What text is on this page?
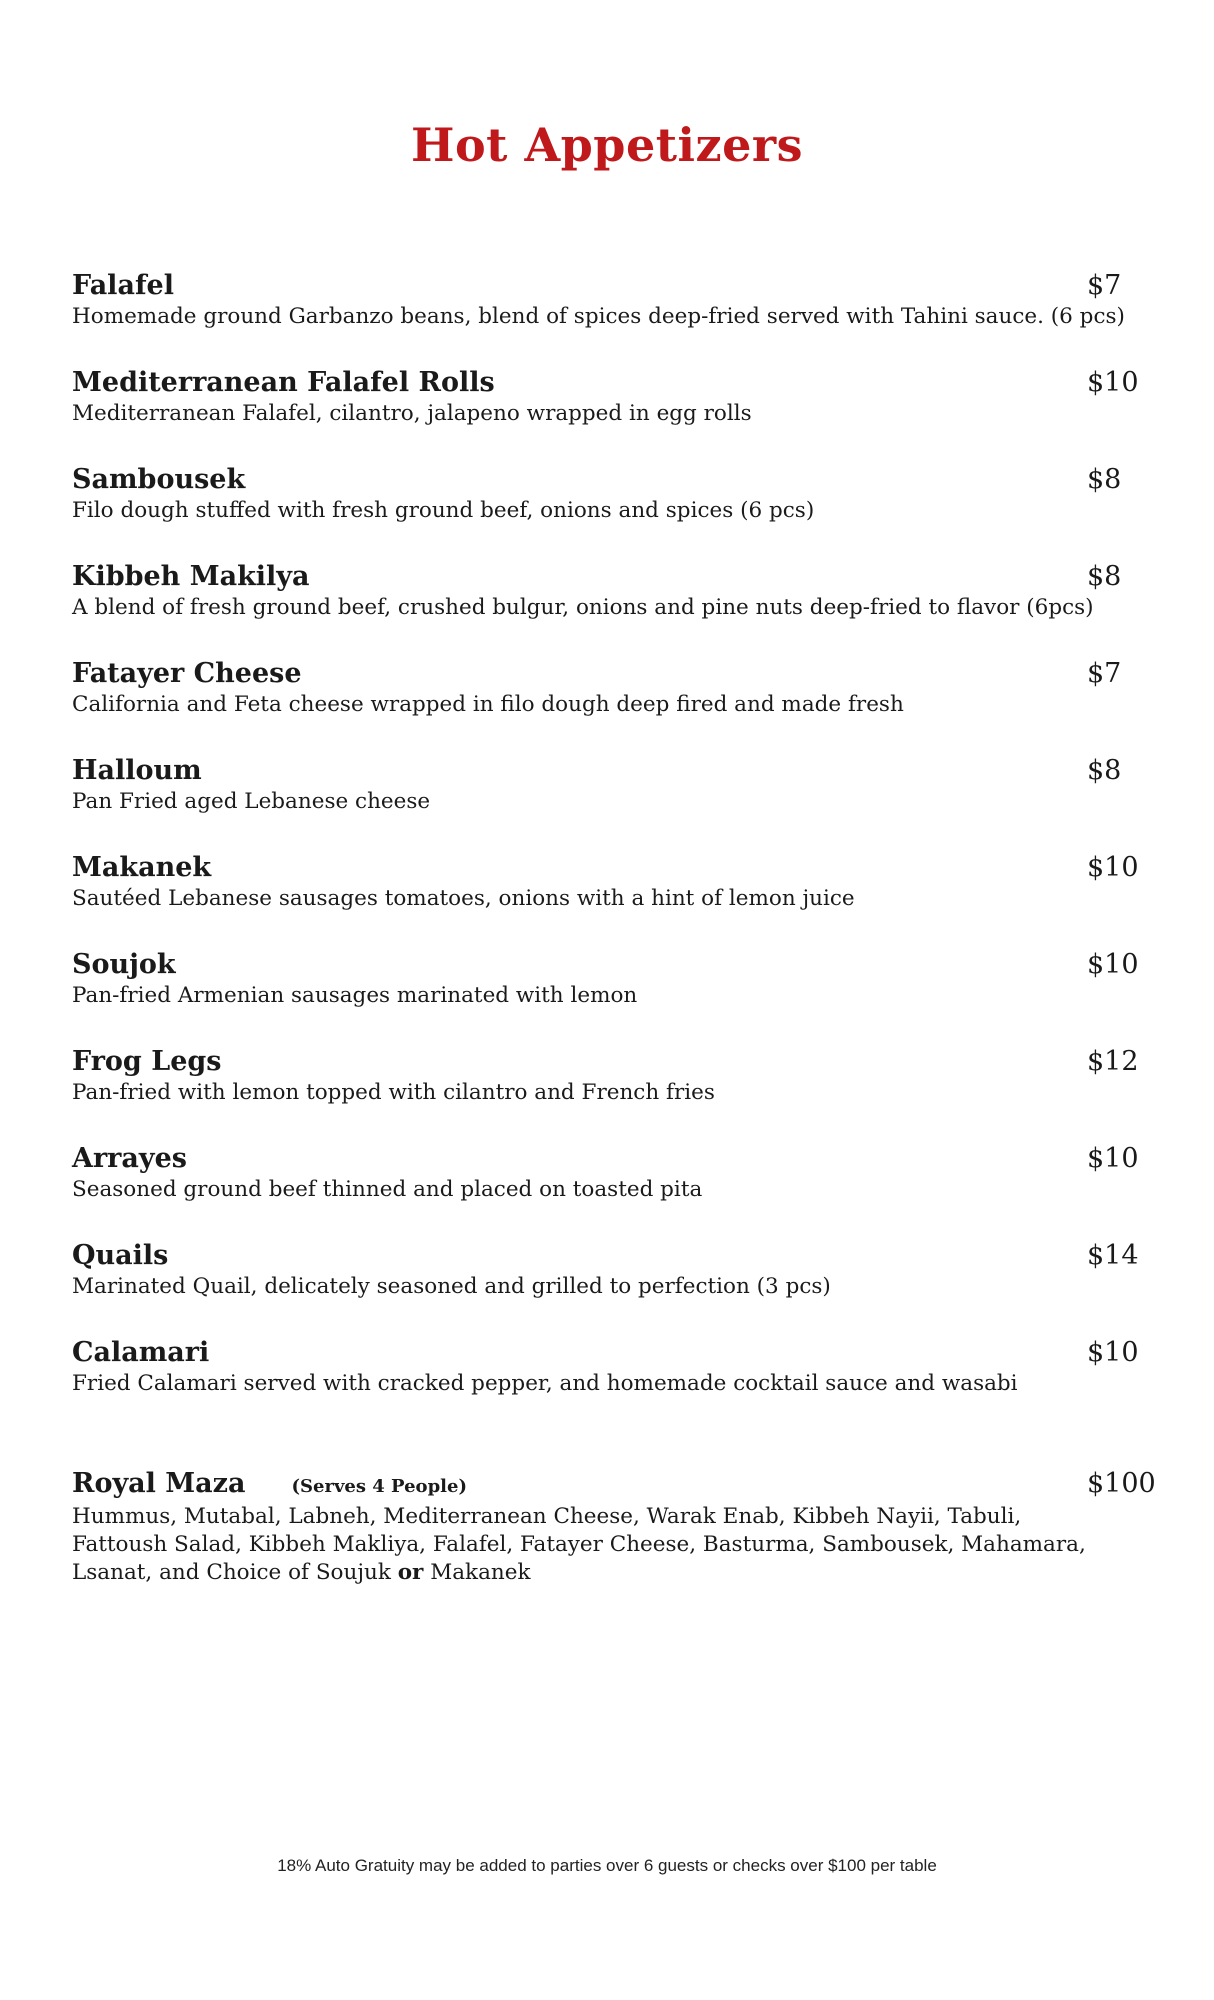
Hot Appetizers
Falafel	$7
Homemade ground Garbanzo beans, blend of spices deep-fried served with Tahini sauce. (6 pcs)
Mediterranean Falafel Rolls	$10
Mediterranean Falafel, cilantro, jalapeno wrapped in egg rolls
Sambousek	$8
Filo dough stuffed with fresh ground beef, onions and spices (6 pcs)
Kibbeh Makilya	$8
A blend of fresh ground beef, crushed bulgur, onions and pine nuts deep-fried to flavor (6pcs)
Fatayer Cheese	$7
California and Feta cheese wrapped in filo dough deep fired and made fresh
Halloum	$8
Pan Fried aged Lebanese cheese
Makanek	$10
Sautéed Lebanese sausages tomatoes, onions with a hint of lemon juice
Soujok	$10
Pan-fried Armenian sausages marinated with lemon
Frog Legs	$12
Pan-fried with lemon topped with cilantro and French fries
Arrayes	$10
Seasoned ground beef thinned and placed on toasted pita
Quails	$14
Marinated Quail, delicately seasoned and grilled to perfection (3 pcs)
Calamari	$10
Fried Calamari served with cracked pepper, and homemade cocktail sauce and wasabi
Royal Maza	(Serves 4 People)	$100
Hummus, Mutabal, Labneh, Mediterranean Cheese, Warak Enab, Kibbeh Nayii, Tabuli,
Fattoush Salad, Kibbeh Makliya, Falafel, Fatayer Cheese, Basturma, Sambousek, Mahamara,
Lsanat, and Choice of Soujuk or Makanek
18% Auto Gratuity may be added to parties over 6 guests or checks over $100 per table
